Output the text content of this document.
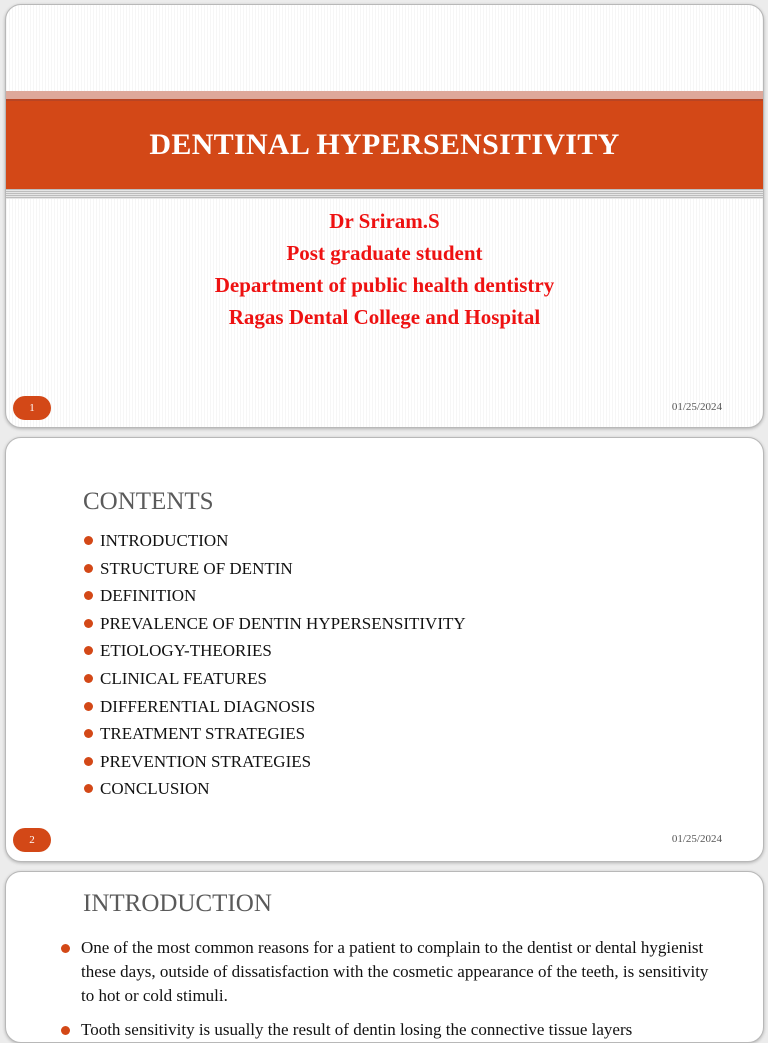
DENTINAL HYPERSENSITIVITY
Dr Sriram.S
Post graduate student
Department of public health dentistry
Ragas Dental College and Hospital
1	01/25/2024
CONTENTS
INTRODUCTION
STRUCTURE OF DENTIN
DEFINITION
PREVALENCE OF DENTIN HYPERSENSITIVITY
ETIOLOGY-THEORIES
CLINICAL FEATURES
DIFFERENTIAL DIAGNOSIS
TREATMENT STRATEGIES
PREVENTION STRATEGIES
CONCLUSION
2	01/25/2024
INTRODUCTION
One of the most common reasons for a patient to complain to the dentist or dental hygienist these days, outside of dissatisfaction with the cosmetic appearance of the teeth, is sensitivity to hot or cold stimuli.
Tooth sensitivity is usually the result of dentin losing the connective tissue layers
